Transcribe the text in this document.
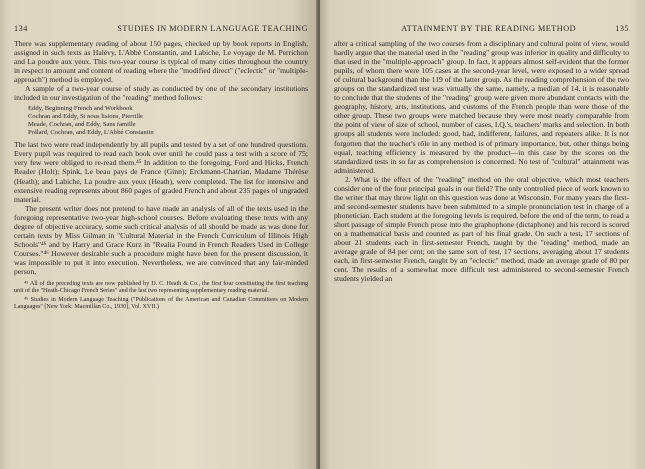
134	STUDIES IN MODERN LANGUAGE TEACHING

There was supplementary reading of about 150 pages, checked up by book reports in English, assigned in such texts as Halévy, L'Abbé Constantin, and Labiche, Le voyage de M. Perrichon and La poudre aux yeux. This two-year course is typical of many cities throughout the country in respect to amount and content of reading where the "modified direct" ("eclectic" or "multiple-approach") method is employed.

A sample of a two-year course of study as conducted by one of the secondary institutions included in our investigation of the "reading" method follows:

Eddy, Beginning French and Workbook
Cochran and Eddy, Si nous lisions, Pierrille
Meade, Cochran, and Eddy, Sans famille
Pollard, Cochran, and Eddy, L'Abbé Constantin

The last two were read independently by all pupils and tested by a set of one hundred questions. Every pupil was required to read each book over until he could pass a test with a score of 75; very few were obliged to re-read them.⁴⁵ In addition to the foregoing, Ford and Hicks, French Reader (Holt); Spink, Le beau pays de France (Ginn); Erckmann-Chatrian, Madame Thérèse (Heath); and Labiche, La poudre aux yeux (Heath), were completed. The list for intensive and extensive reading represents about 860 pages of graded French and about 235 pages of ungraded material.

The present writer does not pretend to have made an analysis of all of the texts used in the foregoing representative two-year high-school courses. Before evaluating these texts with any degree of objective accuracy, some such critical analysis of all should be made as was done for certain texts by Miss Gilman in "Cultural Material in the French Curriculum of Illinois High Schools"⁴⁶ and by Harry and Grace Kurz in "Realia Found in French Readers Used in College Courses."⁴⁶ However desirable such a procedure might have been for the present discussion, it was impossible to put it into execution. Nevertheless, we are convinced that any fair-minded person,

⁴⁵ All of the preceding texts are now published by D. C. Heath & Co., the first four constituting the first teaching unit of the "Heath-Chicago French Series" and the last two representing supplementary reading material.

⁴⁶ Studies in Modern Language Teaching ("Publications of the American and Canadian Committees on Modern Languages" [New York: Macmillan Co., 1930], Vol. XVII.)

ATTAINMENT BY THE READING METHOD	135

after a critical sampling of the two courses from a disciplinary and cultural point of view, would hardly argue that the material used in the "reading" group was inferior in quality and difficulty to that used in the "multiple-approach" group. In fact, it appears almost self-evident that the former pupils, of whom there were 105 cases at the second-year level, were exposed to a wider spread of cultural background than the 119 of the latter group. As the reading comprehension of the two groups on the standardized test was virtually the same, namely, a median of 14, it is reasonable to conclude that the students of the "reading" group were given more abundant contacts with the geography, history, arts, institutions, and customs of the French people than were those of the other group. These two groups were matched because they were most nearly comparable from the point of view of size of school, number of cases, I.Q.'s, teachers' marks and selection. In both groups all students were included: good, bad, indifferent, failures, and repeaters alike. It is not forgotten that the teacher's rôle in any method is of primary importance, but, other things being equal, teaching efficiency is measured by the product—in this case by the scores on the standardized tests in so far as comprehension is concerned. No test of "cultural" attainment was administered.

2. What is the effect of the "reading" method on the oral objective, which most teachers consider one of the four principal goals in our field? The only controlled piece of work known to the writer that may throw light on this question was done at Wisconsin. For many years the first- and second-semester students have been submitted to a simple pronunciation test in charge of a phonetician. Each student at the foregoing levels is required, before the end of the term, to read a short passage of simple French prose into the graphophone (dictaphone) and his record is scored on a mathematical basis and counted as part of his final grade. On such a test, 17 sections of about 21 students each in first-semester French, taught by the "reading" method, made an average grade of 84 per cent; on the same sort of test, 17 sections, averaging about 17 students each, in first-semester French, taught by an "eclectic" method, made an average grade of 80 per cent. The results of a somewhat more difficult test administered to second-semester French students yielded an
